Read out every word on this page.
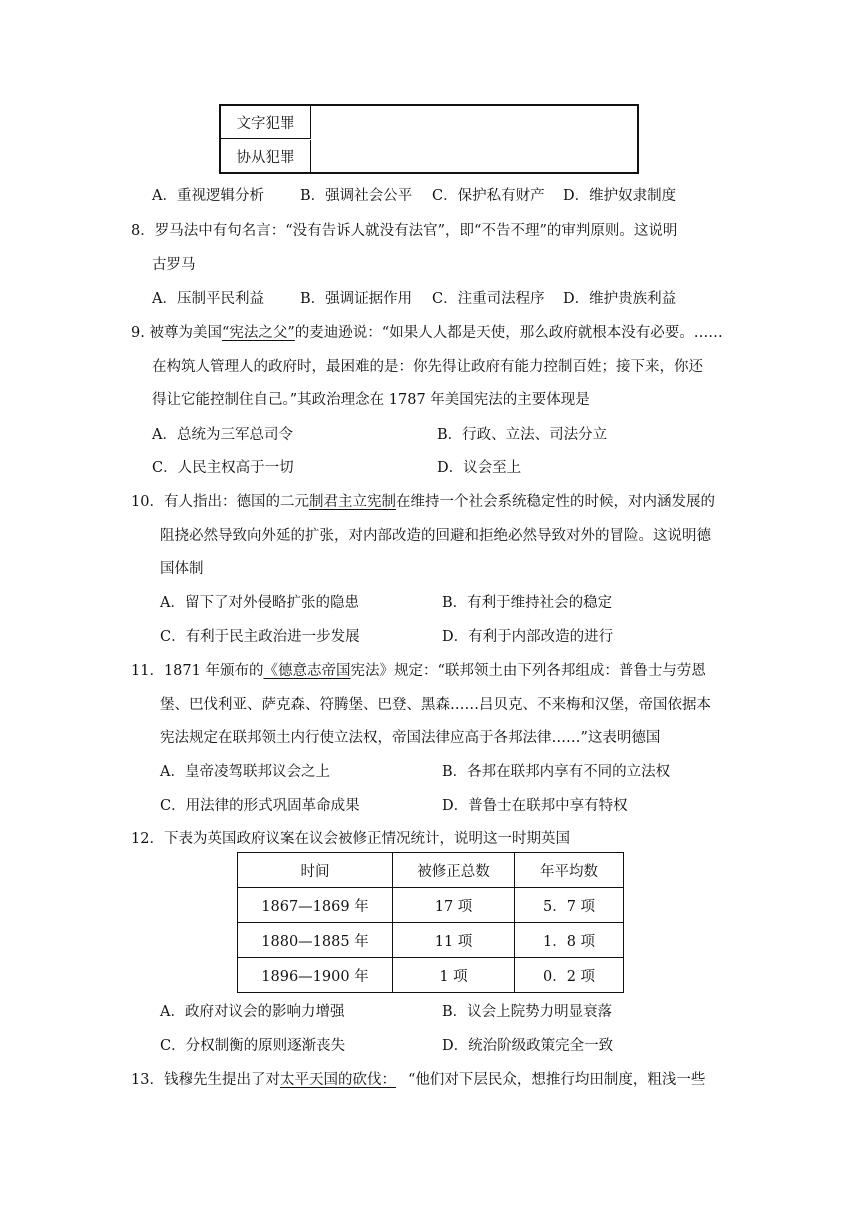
文字犯罪
协从犯罪
A．重视逻辑分析 B．强调社会公平 C．保护私有财产 D．维护奴隶制度
8．罗马法中有句名言：“没有告诉人就没有法官”，即“不告不理”的审判原则。这说明
古罗马
A．压制平民利益 B．强调证据作用 C．注重司法程序 D．维护贵族利益
9. 被尊为美国“宪法之父”的麦迪逊说：“如果人人都是天使，那么政府就根本没有必要。……
在构筑人管理人的政府时，最困难的是：你先得让政府有能力控制百姓；接下来，你还
得让它能控制住自己。”其政治理念在 1787 年美国宪法的主要体现是
A．总统为三军总司令	B．行政、立法、司法分立
C．人民主权高于一切	D．议会至上
10．有人指出：德国的二元制君主立宪制在维持一个社会系统稳定性的时候，对内涵发展的
阻挠必然导致向外延的扩张，对内部改造的回避和拒绝必然导致对外的冒险。这说明德
国体制
A．留下了对外侵略扩张的隐患	B．有利于维持社会的稳定
C．有利于民主政治进一步发展	D．有利于内部改造的进行
11．1871 年颁布的《德意志帝国宪法》规定：“联邦领土由下列各邦组成：普鲁士与劳恩
堡、巴伐利亚、萨克森、符腾堡、巴登、黑森……吕贝克、不来梅和汉堡，帝国依据本
宪法规定在联邦领土内行使立法权，帝国法律应高于各邦法律……”这表明德国
A．皇帝凌驾联邦议会之上	B．各邦在联邦内享有不同的立法权
C．用法律的形式巩固革命成果	D．普鲁士在联邦中享有特权
12．下表为英国政府议案在议会被修正情况统计，说明这一时期英国
时间	被修正总数	年平均数
1867—1869 年	17 项	5．7 项
1880—1885 年	11 项	1．8 项
1896—1900 年	1 项	0．2 项
A．政府对议会的影响力增强	B．议会上院势力明显衰落
C．分权制衡的原则逐渐丧失	D．统治阶级政策完全一致
13．钱穆先生提出了对太平天国的砍伐： “他们对下层民众，想推行均田制度，粗浅一些
